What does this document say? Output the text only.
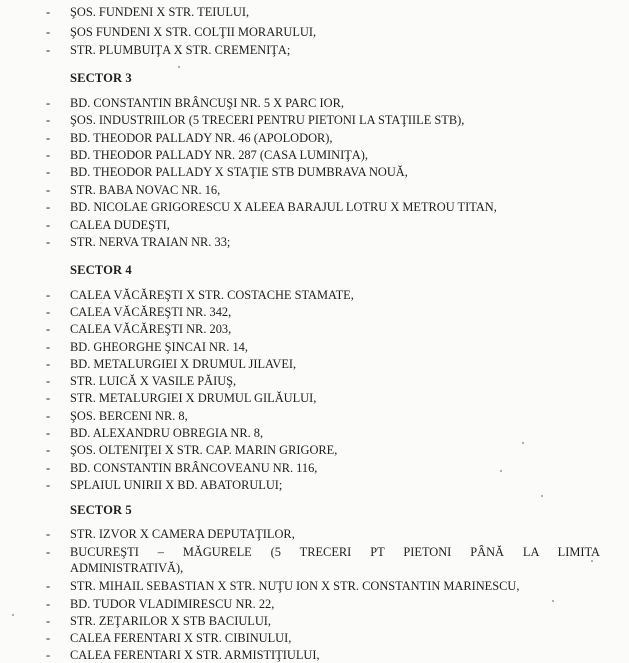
- ŞOS. FUNDENI X STR. TEIULUI,
- ŞOS FUNDENI X STR. COLŢII MORARULUI,
- STR. PLUMBUIŢA X STR. CREMENIŢA;
SECTOR 3
- BD. CONSTANTIN BRÂNCUŞI NR. 5 X PARC IOR,
- ŞOS. INDUSTRIILOR (5 TRECERI PENTRU PIETONI LA STAŢIILE STB),
- BD. THEODOR PALLADY NR. 46 (APOLODOR),
- BD. THEODOR PALLADY NR. 287 (CASA LUMINIŢA),
- BD. THEODOR PALLADY X STAŢIE STB DUMBRAVA NOUĂ,
- STR. BABA NOVAC NR. 16,
- BD. NICOLAE GRIGORESCU X ALEEA BARAJUL LOTRU X METROU TITAN,
- CALEA DUDEŞTI,
- STR. NERVA TRAIAN NR. 33;
SECTOR 4
- CALEA VĂCĂREŞTI X STR. COSTACHE STAMATE,
- CALEA VĂCĂREŞTI NR. 342,
- CALEA VĂCĂREŞTI NR. 203,
- BD. GHEORGHE ŞINCAI NR. 14,
- BD. METALURGIEI X DRUMUL JILAVEI,
- STR. LUICĂ X VASILE PĂIUŞ,
- STR. METALURGIEI X DRUMUL GILĂULUI,
- ŞOS. BERCENI NR. 8,
- BD. ALEXANDRU OBREGIA NR. 8,
- ŞOS. OLTENIŢEI X STR. CAP. MARIN GRIGORE,
- BD. CONSTANTIN BRÂNCOVEANU NR. 116,
- SPLAIUL UNIRII X BD. ABATORULUI;
SECTOR 5
- STR. IZVOR X CAMERA DEPUTAŢILOR,
- BUCUREŞTI – MĂGURELE (5 TRECERI PT PIETONI PÂNĂ LA LIMITA
ADMINISTRATIVĂ),
- STR. MIHAIL SEBASTIAN X STR. NUŢU ION X STR. CONSTANTIN MARINESCU,
- BD. TUDOR VLADIMIRESCU NR. 22,
- STR. ZEŢARILOR X STB BACIULUI,
- CALEA FERENTARI X STR. CIBINULUI,
- CALEA FERENTARI X STR. ARMISTIŢIULUI,
